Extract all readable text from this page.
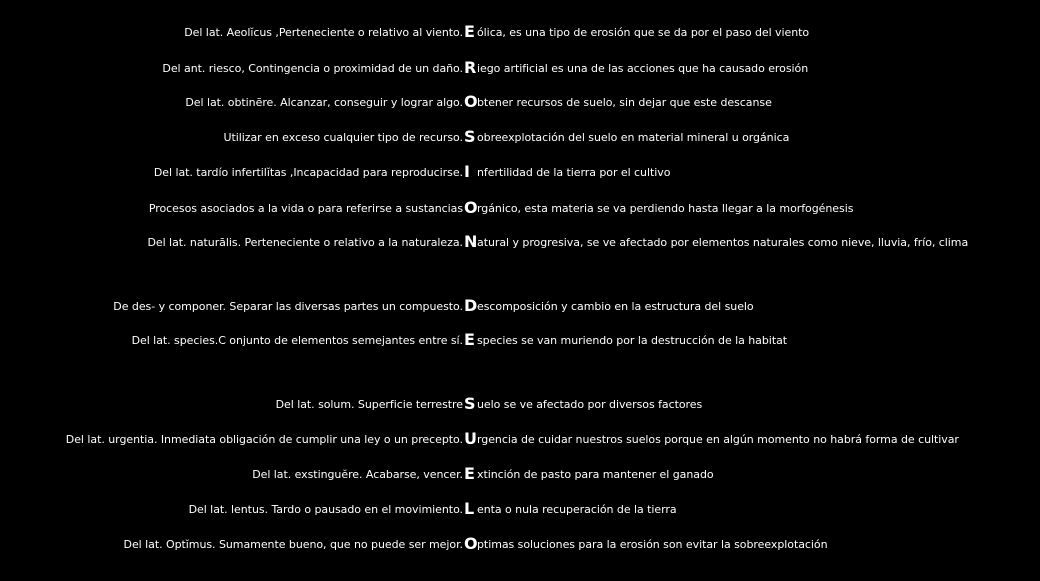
Del lat. Aeolĭcus ,Perteneciente o relativo al viento. E ólica, es una tipo de erosión que se da por el paso del viento
Del ant. riesco, Contingencia o proximidad de un daño. R iego artificial es una de las acciones que ha causado erosión
Del lat. obtinēre. Alcanzar, conseguir y lograr algo. O btener recursos de suelo, sin dejar que este descanse
Utilizar en exceso cualquier tipo de recurso. S obreexplotación del suelo en material mineral u orgánica
Del lat. tardío infertilĭtas ,Incapacidad para reproducirse. I nfertilidad de la tierra por el cultivo
Procesos asociados a la vida o para referirse a sustancias O rgánico, esta materia se va perdiendo hasta llegar a la morfogénesis
Del lat. naturālis. Perteneciente o relativo a la naturaleza. N atural y progresiva, se ve afectado por elementos naturales como nieve, lluvia, frío, clima
De des- y componer. Separar las diversas partes un compuesto. D escomposición y cambio en la estructura del suelo
Del lat. species.C onjunto de elementos semejantes entre sí. E species se van muriendo por la destrucción de la habitat
Del lat. solum. Superficie terrestre S uelo se ve afectado por diversos factores
Del lat. urgentia. Inmediata obligación de cumplir una ley o un precepto. U rgencia de cuidar nuestros suelos porque en algún momento no habrá forma de cultivar
Del lat. exstinguĕre. Acabarse, vencer. E xtinción de pasto para mantener el ganado
Del lat. lentus. Tardo o pausado en el movimiento. L enta o nula recuperación de la tierra
Del lat. Optĭmus. Sumamente bueno, que no puede ser mejor. O ptimas soluciones para la erosión son evitar la sobreexplotación
